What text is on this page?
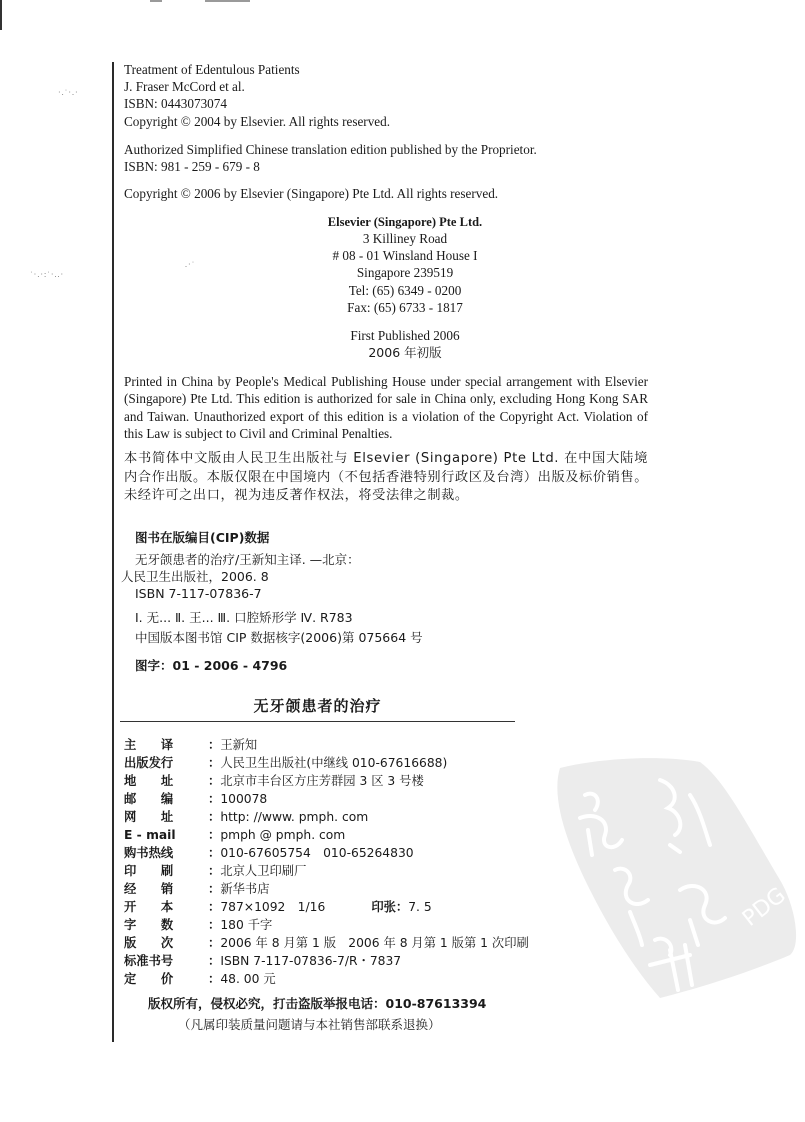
·.˙·.·
˙·.·:˙·..·
.·˙
Treatment of Edentulous Patients
J. Fraser McCord et al.
ISBN: 0443073074
Copyright © 2004 by Elsevier. All rights reserved.
Authorized Simplified Chinese translation edition published by the Proprietor.
ISBN: 981 - 259 - 679 - 8
Copyright © 2006 by Elsevier (Singapore) Pte Ltd. All rights reserved.
Elsevier (Singapore) Pte Ltd.
3 Killiney Road
# 08 - 01 Winsland House I
Singapore 239519
Tel: (65) 6349 - 0200
Fax: (65) 6733 - 1817
First Published 2006
2006 年初版
Printed in China by People's Medical Publishing House under special arrangement with Elsevier (Singapore) Pte Ltd. This edition is authorized for sale in China only, excluding Hong Kong SAR and Taiwan. Unauthorized export of this edition is a violation of the Copyright Act. Violation of this Law is subject to Civil and Criminal Penalties.
本书简体中文版由人民卫生出版社与 Elsevier (Singapore) Pte Ltd. 在中国大陆境内合作出版。本版仅限在中国境内（不包括香港特别行政区及台湾）出版及标价销售。未经许可之出口，视为违反著作权法，将受法律之制裁。
图书在版编目(CIP)数据
无牙颌患者的治疗/王新知主译. —北京：
人民卫生出版社，2006. 8
ISBN 7-117-07836-7
Ⅰ. 无... Ⅱ. 王... Ⅲ. 口腔矫形学 Ⅳ. R783
中国版本图书馆 CIP 数据核字(2006)第 075664 号
图字：01 - 2006 - 4796
无牙颌患者的治疗
主　　译	： 王新知
出版发行	： 人民卫生出版社(中继线 010-67616688)
地　　址	： 北京市丰台区方庄芳群园 3 区 3 号楼
邮　　编	： 100078
网　　址	： http: //www. pmph. com
E - mail	： pmph @ pmph. com
购书热线	： 010-67605754　010-65264830
印　　刷	： 北京人卫印刷厂
经　　销	： 新华书店
开　　本	： 787×1092　1/16	印张 ： 7. 5
字　　数	： 180 千字
版　　次	： 2006 年 8 月第 1 版　2006 年 8 月第 1 版第 1 次印刷
标准书号	： ISBN 7-117-07836-7/R・7837
定　　价	： 48. 00 元
版权所有，侵权必究，打击盗版举报电话：010-87613394
（凡属印装质量问题请与本社销售部联系退换）
PDG
